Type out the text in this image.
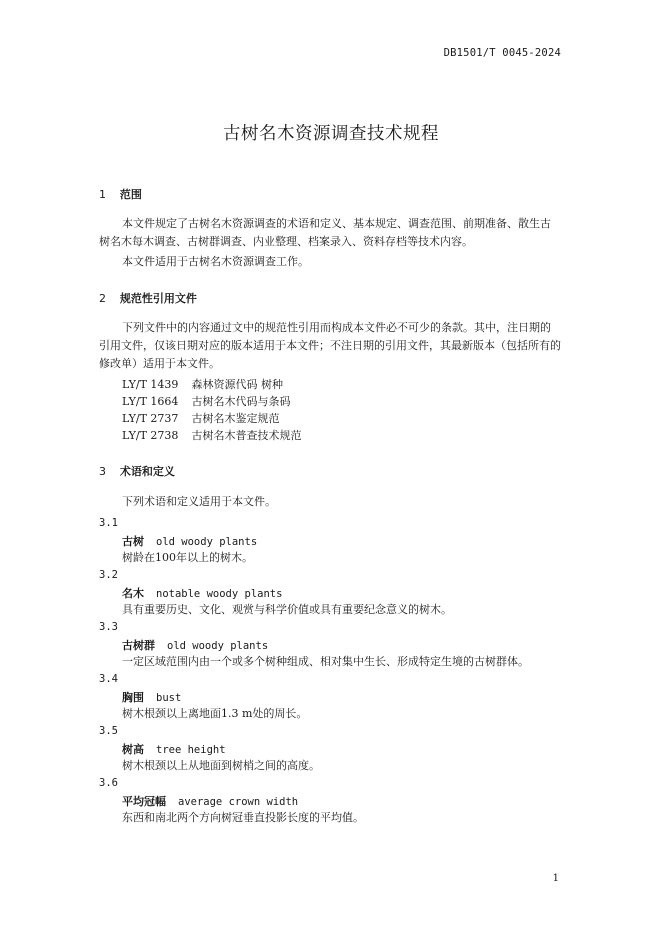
DB1501/T 0045-2024
古树名木资源调查技术规程
1 范围
本文件规定了古树名木资源调查的术语和定义、基本规定、调查范围、前期准备、散生古树名木每木调查、古树群调查、内业整理、档案录入、资料存档等技术内容。
本文件适用于古树名木资源调查工作。
2 规范性引用文件
下列文件中的内容通过文中的规范性引用而构成本文件必不可少的条款。其中，注日期的引用文件，仅该日期对应的版本适用于本文件；不注日期的引用文件，其最新版本（包括所有的修改单）适用于本文件。
LY/T 1439 森林资源代码 树种
LY/T 1664 古树名木代码与条码
LY/T 2737 古树名木鉴定规范
LY/T 2738 古树名木普查技术规范
3 术语和定义
下列术语和定义适用于本文件。
3.1
古树 old woody plants
树龄在100年以上的树木。
3.2
名木 notable woody plants
具有重要历史、文化、观赏与科学价值或具有重要纪念意义的树木。
3.3
古树群 old woody plants
一定区域范围内由一个或多个树种组成、相对集中生长、形成特定生境的古树群体。
3.4
胸围 bust
树木根颈以上离地面1.3 m处的周长。
3.5
树高 tree height
树木根颈以上从地面到树梢之间的高度。
3.6
平均冠幅 average crown width
东西和南北两个方向树冠垂直投影长度的平均值。
1
